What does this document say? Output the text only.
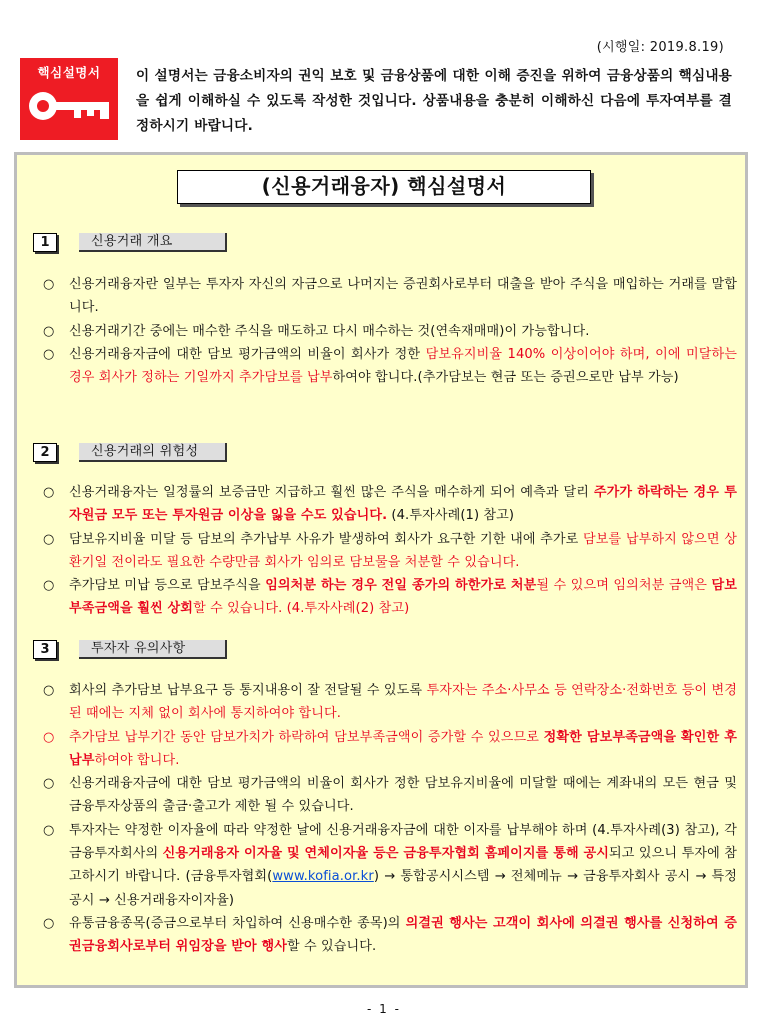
(시행일: 2019.8.19)
핵심설명서	이 설명서는 금융소비자의 권익 보호 및 금융상품에 대한 이해 증진을 위하여 금융상품의 핵심내용을 쉽게 이해하실 수 있도록 작성한 것입니다. 상품내용을 충분히 이해하신 다음에 투자여부를 결정하시기 바랍니다.
(신용거래융자) 핵심설명서
1	신용거래 개요
○ 신용거래융자란 일부는 투자자 자신의 자금으로 나머지는 증권회사로부터 대출을 받아 주식을 매입하는 거래를 말합니다.
○ 신용거래기간 중에는 매수한 주식을 매도하고 다시 매수하는 것(연속재매매)이 가능합니다.
○ 신용거래융자금에 대한 담보 평가금액의 비율이 회사가 정한 담보유지비율 140% 이상이어야 하며, 이에 미달하는 경우 회사가 정하는 기일까지 추가담보를 납부하여야 합니다.(추가담보는 현금 또는 증권으로만 납부 가능)
2	신용거래의 위험성
○ 신용거래융자는 일정률의 보증금만 지급하고 훨씬 많은 주식을 매수하게 되어 예측과 달리 주가가 하락하는 경우 투자원금 모두 또는 투자원금 이상을 잃을 수도 있습니다. (4.투자사례(1) 참고)
○ 담보유지비율 미달 등 담보의 추가납부 사유가 발생하여 회사가 요구한 기한 내에 추가로 담보를 납부하지 않으면 상환기일 전이라도 필요한 수량만큼 회사가 임의로 담보물을 처분할 수 있습니다.
○ 추가담보 미납 등으로 담보주식을 임의처분 하는 경우 전일 종가의 하한가로 처분될 수 있으며 임의처분 금액은 담보부족금액을 훨씬 상회할 수 있습니다. (4.투자사례(2) 참고)
3	투자자 유의사항
○ 회사의 추가담보 납부요구 등 통지내용이 잘 전달될 수 있도록 투자자는 주소·사무소 등 연락장소·전화번호 등이 변경된 때에는 지체 없이 회사에 통지하여야 합니다.
○ 추가담보 납부기간 동안 담보가치가 하락하여 담보부족금액이 증가할 수 있으므로 정확한 담보부족금액을 확인한 후 납부하여야 합니다.
○ 신용거래융자금에 대한 담보 평가금액의 비율이 회사가 정한 담보유지비율에 미달할 때에는 계좌내의 모든 현금 및 금융투자상품의 출금·출고가 제한 될 수 있습니다.
○ 투자자는 약정한 이자율에 따라 약정한 날에 신용거래융자금에 대한 이자를 납부해야 하며 (4.투자사례(3) 참고), 각 금융투자회사의 신용거래융자 이자율 및 연체이자율 등은 금융투자협회 홈페이지를 통해 공시되고 있으니 투자에 참고하시기 바랍니다. (금융투자협회(www.kofia.or.kr) → 통합공시시스템 → 전체메뉴 → 금융투자회사 공시 → 특정공시 → 신용거래융자이자율)
○ 유통금융종목(증금으로부터 차입하여 신용매수한 종목)의 의결권 행사는 고객이 회사에 의결권 행사를 신청하여 증권금융회사로부터 위임장을 받아 행사할 수 있습니다.
- 1 -
